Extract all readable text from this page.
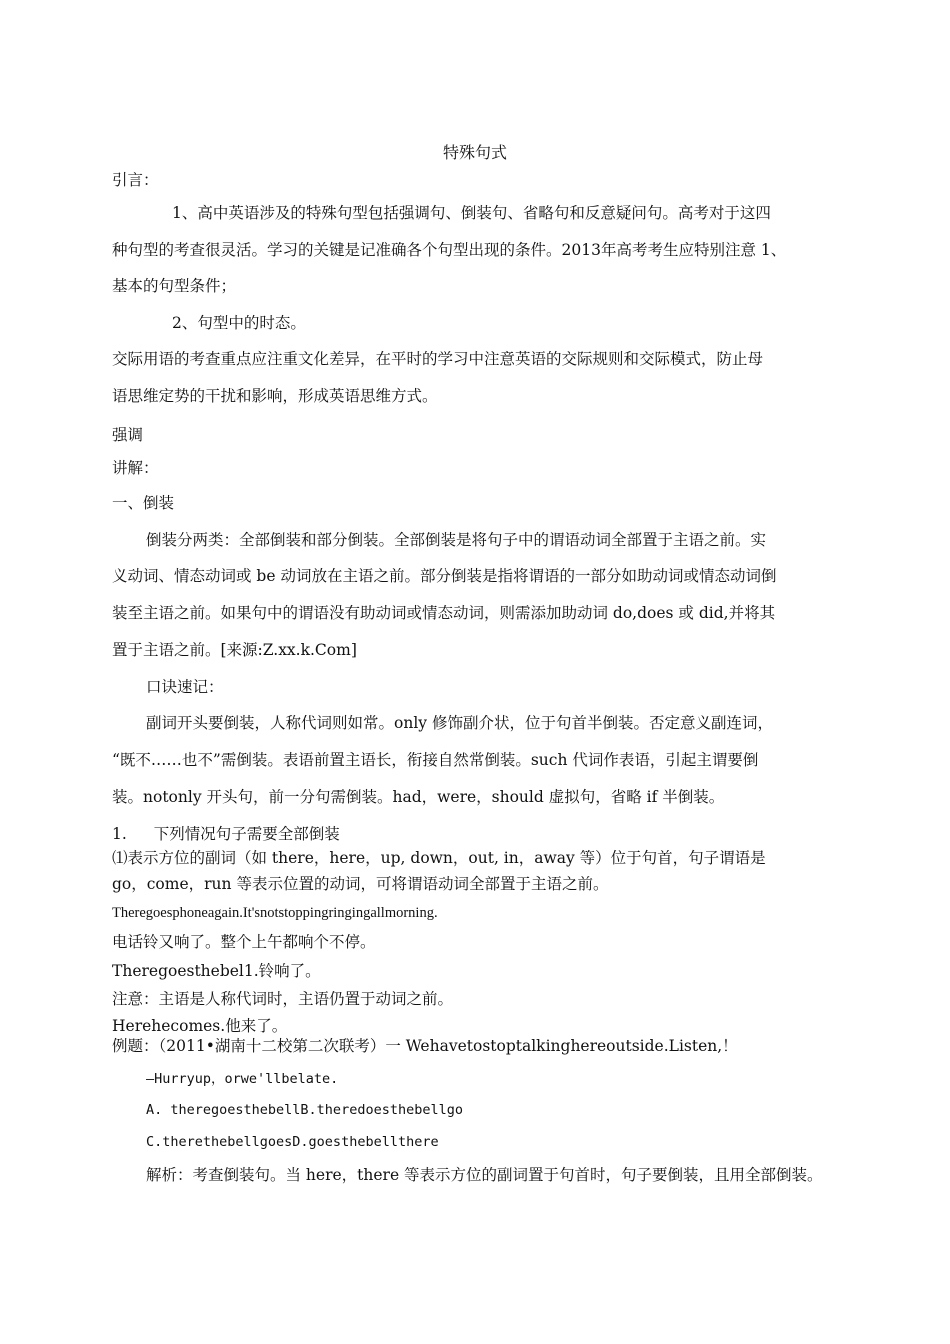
特殊句式
引言：
1、高中英语涉及的特殊句型包括强调句、倒装句、省略句和反意疑问句。高考对于这四
种句型的考查很灵活。学习的关键是记准确各个句型出现的条件。2013年高考考生应特别注意 1、
基本的句型条件；
2、句型中的时态。
交际用语的考查重点应注重文化差异，在平时的学习中注意英语的交际规则和交际模式，防止母
语思维定势的干扰和影响，形成英语思维方式。
强调
讲解：
一、倒装
倒装分两类：全部倒装和部分倒装。全部倒装是将句子中的谓语动词全部置于主语之前。实
义动词、情态动词或 be 动词放在主语之前。部分倒装是指将谓语的一部分如助动词或情态动词倒
装至主语之前。如果句中的谓语没有助动词或情态动词，则需添加助动词 do,does 或 did,并将其
置于主语之前。[来源:Z.xx.k.Com]
口诀速记：
副词开头要倒装，人称代词则如常。only 修饰副介状，位于句首半倒装。否定意义副连词，
“既不……也不”需倒装。表语前置主语长，衔接自然常倒装。such 代词作表语，引起主谓要倒
装。notonly 开头句，前一分句需倒装。had，were，should 虚拟句，省略 if 半倒装。
1. 下列情况句子需要全部倒装
⑴表示方位的副词（如 there，here，up, down，out, in，away 等）位于句首，句子谓语是
go，come，run 等表示位置的动词，可将谓语动词全部置于主语之前。
Theregoesphoneagain.It'snotstoppingringingallmorning.
电话铃又响了。整个上午都响个不停。
Theregoesthebel1.铃响了。
注意：主语是人称代词时，主语仍置于动词之前。
Herehecomes.他来了。
例题：（2011•湖南十二校第二次联考）一 Wehavetostoptalkinghereoutside.Listen,！
—Hurryup，orwe'llbelate.
A. theregoesthebellB.theredoesthebellgo
C.therethebellgoesD.goesthebellthere
解析：考查倒装句。当 here，there 等表示方位的副词置于句首时，句子要倒装，且用全部倒装。
